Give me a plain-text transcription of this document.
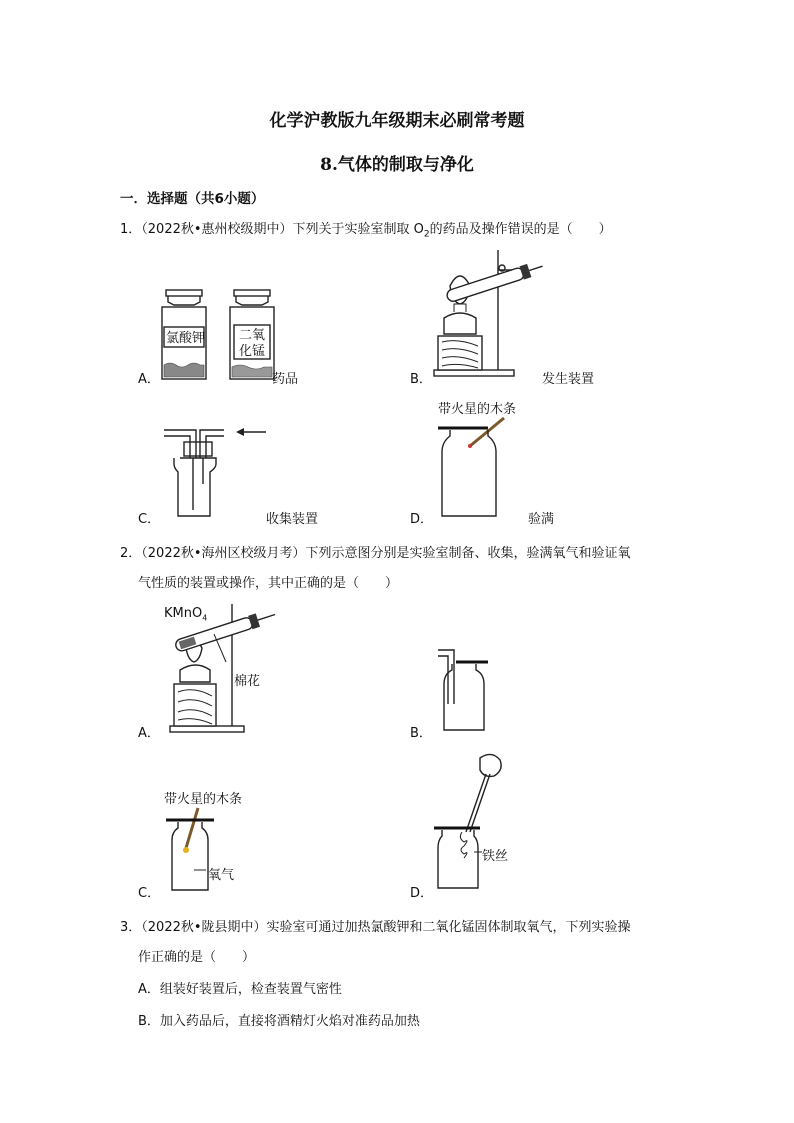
化学沪教版九年级期末必刷常考题
8.气体的制取与净化
一．选择题（共6小题）
1．（2022秋•惠州校级期中）下列关于实验室制取 $O_2$的药品及操作错误的是（　　）
氯酸钾	二氧
化锰
A．	药品	B．	发生装置
C．	收集装置
带火星的木条
D．	验满
2．（2022秋•海州区校级月考）下列示意图分别是实验室制备、收集，验满氧气和验证氧
气性质的装置或操作，其中正确的是（　　）
KMnO$_4$
棉花
A．	B．
带火星的木条
氧气
C．
铁丝
D．
3．（2022秋•陇县期中）实验室可通过加热氯酸钾和二氧化锰固体制取氧气，下列实验操
作正确的是（　　）
A．组装好装置后，检查装置气密性
B．加入药品后，直接将酒精灯火焰对准药品加热
